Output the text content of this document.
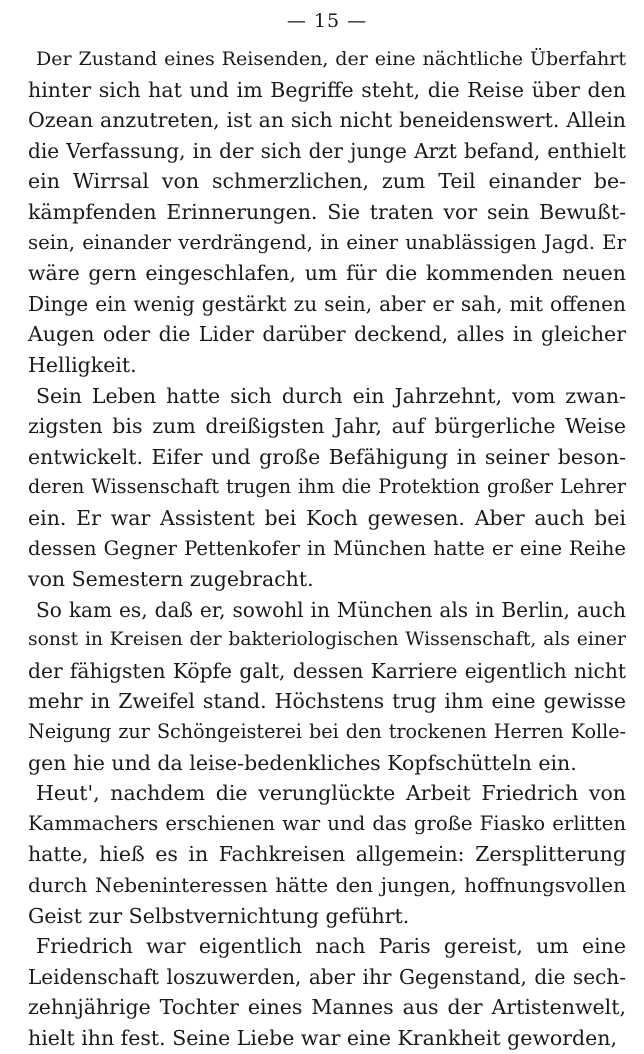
— 15 —
Der Zustand eines Reisenden, der eine nächtliche Überfahrt
hinter sich hat und im Begriffe steht, die Reise über den
Ozean anzutreten, ist an sich nicht beneidenswert. Allein
die Verfassung, in der sich der junge Arzt befand, enthielt
ein Wirrsal von schmerzlichen, zum Teil einander be-
kämpfenden Erinnerungen. Sie traten vor sein Bewußt-
sein, einander verdrängend, in einer unablässigen Jagd. Er
wäre gern eingeschlafen, um für die kommenden neuen
Dinge ein wenig gestärkt zu sein, aber er sah, mit offenen
Augen oder die Lider darüber deckend, alles in gleicher
Helligkeit.
Sein Leben hatte sich durch ein Jahrzehnt, vom zwan-
zigsten bis zum dreißigsten Jahr, auf bürgerliche Weise
entwickelt. Eifer und große Befähigung in seiner beson-
deren Wissenschaft trugen ihm die Protektion großer Lehrer
ein. Er war Assistent bei Koch gewesen. Aber auch bei
dessen Gegner Pettenkofer in München hatte er eine Reihe
von Semestern zugebracht.
So kam es, daß er, sowohl in München als in Berlin, auch
sonst in Kreisen der bakteriologischen Wissenschaft, als einer
der fähigsten Köpfe galt, dessen Karriere eigentlich nicht
mehr in Zweifel stand. Höchstens trug ihm eine gewisse
Neigung zur Schöngeisterei bei den trockenen Herren Kolle-
gen hie und da leise-bedenkliches Kopfschütteln ein.
Heut', nachdem die verunglückte Arbeit Friedrich von
Kammachers erschienen war und das große Fiasko erlitten
hatte, hieß es in Fachkreisen allgemein: Zersplitterung
durch Nebeninteressen hätte den jungen, hoffnungsvollen
Geist zur Selbstvernichtung geführt.
Friedrich war eigentlich nach Paris gereist, um eine
Leidenschaft loszuwerden, aber ihr Gegenstand, die sech-
zehnjährige Tochter eines Mannes aus der Artistenwelt,
hielt ihn fest. Seine Liebe war eine Krankheit geworden,
